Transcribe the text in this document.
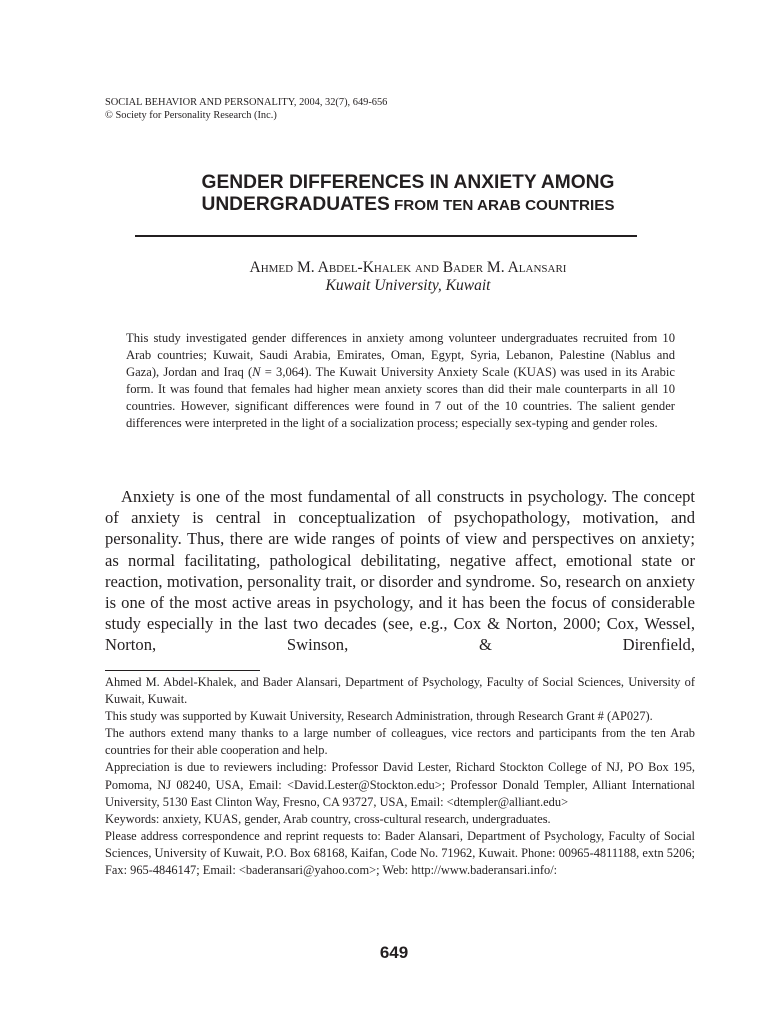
SOCIAL BEHAVIOR AND PERSONALITY, 2004, 32(7), 649-656
© Society for Personality Research (Inc.)
GENDER DIFFERENCES IN ANXIETY AMONG
UNDERGRADUATES FROM TEN ARAB COUNTRIES
Ahmed M. Abdel-Khalek and Bader M. Alansari
Kuwait University, Kuwait

This study investigated gender differences in anxiety among volunteer undergraduates recruited from 10 Arab countries; Kuwait, Saudi Arabia, Emirates, Oman, Egypt, Syria, Lebanon, Palestine (Nablus and Gaza), Jordan and Iraq (N = 3,064). The Kuwait University Anxiety Scale (KUAS) was used in its Arabic form. It was found that females had higher mean anxiety scores than did their male counterparts in all 10 countries. However, significant differences were found in 7 out of the 10 countries. The salient gender differences were interpreted in the light of a socialization process; especially sex-typing and gender roles.

Anxiety is one of the most fundamental of all constructs in psychology. The concept of anxiety is central in conceptualization of psychopathology, motivation, and personality. Thus, there are wide ranges of points of view and perspectives on anxiety; as normal facilitating, pathological debilitating, negative affect, emotional state or reaction, motivation, personality trait, or disorder and syndrome. So, research on anxiety is one of the most active areas in psychology, and it has been the focus of considerable study especially in the last two decades (see, e.g., Cox & Norton, 2000; Cox, Wessel, Norton, Swinson, & Direnfield,

Ahmed M. Abdel-Khalek, and Bader Alansari, Department of Psychology, Faculty of Social Sciences, University of Kuwait, Kuwait.

This study was supported by Kuwait University, Research Administration, through Research Grant # (AP027).

The authors extend many thanks to a large number of colleagues, vice rectors and participants from the ten Arab countries for their able cooperation and help.

Appreciation is due to reviewers including: Professor David Lester, Richard Stockton College of NJ, PO Box 195, Pomoma, NJ 08240, USA, Email: <David.Lester@Stockton.edu>; Professor Donald Templer, Alliant International University, 5130 East Clinton Way, Fresno, CA 93727, USA, Email: <dtempler@alliant.edu>

Keywords: anxiety, KUAS, gender, Arab country, cross-cultural research, undergraduates.

Please address correspondence and reprint requests to: Bader Alansari, Department of Psychology, Faculty of Social Sciences, University of Kuwait, P.O. Box 68168, Kaifan, Code No. 71962, Kuwait. Phone: 00965-4811188, extn 5206; Fax: 965-4846147; Email: <baderansari@yahoo.com>; Web: http://www.baderansari.info/:

649
